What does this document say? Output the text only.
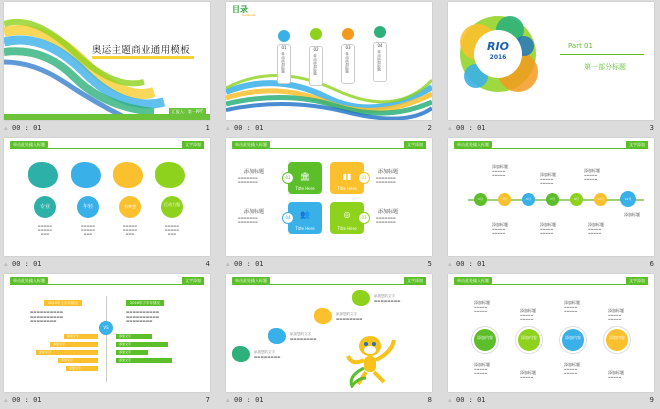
奥运主题商业通用模板
汇报人：第一PPT
☆ 00 : 01	1
目录
Contents
01
单击添加标题
02
单击添加标题
03
单击添加标题
04
单击添加标题
☆ 00 : 01	2
RIO
2016
Part 01
第一部分标题
☆ 00 : 01	3
单击此处输入标题	文字添加
专业	年轻	有梦想	行动力强
▬▬▬▬▬
▬▬▬▬▬
▬▬▬
▬▬▬▬▬
▬▬▬▬▬
▬▬▬
▬▬▬▬▬
▬▬▬▬▬
▬▬▬
▬▬▬▬▬
▬▬▬▬▬
▬▬▬
☆ 00 : 01	4
单击此处输入标题	文字添加
🏛	▮▮
👥	◎
Title Here	Title Here
Title Here	Title Here
01	02
04	03
添加标题
▬▬▬▬▬▬▬
▬▬▬▬▬▬▬
添加标题
▬▬▬▬▬▬▬
▬▬▬▬▬▬▬
添加标题
▬▬▬▬▬▬▬
▬▬▬▬▬▬▬
添加标题
▬▬▬▬▬▬▬
▬▬▬▬▬▬▬
☆ 00 : 01	5
单击此处输入标题	文字添加
1月	3月	5月	7月	9月	11月	12月
添加标题
▬▬▬▬▬
▬▬▬▬▬	添加标题
▬▬▬▬▬
▬▬▬▬▬
添加标题
▬▬▬▬▬
▬▬▬▬▬
添加标题
▬▬▬▬▬
▬▬▬▬▬
添加标题
▬▬▬▬▬
▬▬▬▬▬
添加标题
▬▬▬▬▬
▬▬▬▬▬
添加标题
☆ 00 : 01	6
单击此处输入标题	文字添加
VS
2016年上半年情况	2016年下半年情况
▬▬▬▬▬▬▬▬▬▬
▬▬▬▬▬▬▬▬▬▬
▬▬▬▬▬▬▬▬
▬▬▬▬▬▬▬▬▬▬
▬▬▬▬▬▬▬▬▬▬
▬▬▬▬▬▬▬▬
添加文字
添加文字
添加文字
添加文字
添加文字
添加文字
添加文字
添加文字
添加文字
☆ 00 : 01	7
单击此处输入标题	文字添加
添加您的文字
▬▬▬▬▬▬▬▬
添加您的文字
▬▬▬▬▬▬▬▬
添加您的文字
▬▬▬▬▬▬▬▬
添加您的文字
▬▬▬▬▬▬▬▬
☆ 00 : 01	8
单击此处输入标题	文字添加
添加内容	添加内容	添加内容	添加内容
添加标题
▬▬▬▬▬
▬▬▬▬▬	添加标题
▬▬▬▬▬
▬▬▬▬▬
添加标题
▬▬▬▬▬
▬▬▬▬▬	添加标题
▬▬▬▬▬
▬▬▬▬▬
添加标题
▬▬▬▬▬
▬▬▬▬▬	添加标题
▬▬▬▬▬
添加标题
▬▬▬▬▬
▬▬▬▬▬	添加标题
▬▬▬▬▬
☆ 00 : 01	9
